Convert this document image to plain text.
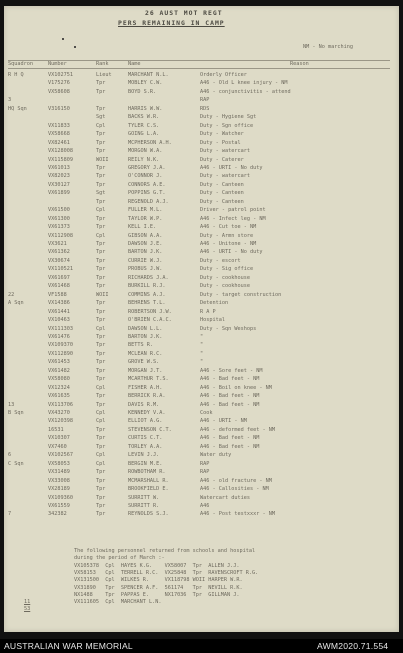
26 AUST MOT REGT
PERS REMAINING IN CAMP
NM - No marching
Squadron	Number	Rank	Name	Reason
R H Q	VX102751	Lieut	MARCHANT N.L.	Orderly Officer
V175276	Tpr	MOBLEY C.W.	A46 - Old L knee injury - NM
VX58608	Tpr	BOYD S.R.	A46 - conjunctivitis - attend
3	RAP
HQ Sqn	V316150	Tpr	HARRIS W.W.	RDS
Sgt	BACKS W.R.	Duty - Hygiene Sgt
VX11833	Cpl	TYLER C.S.	Duty - Sgn office
VX58668	Tpr	GOING L.A.	Duty - Watcher
VX82461	Tpr	MCPHERSON A.H.	Duty - Postal
VX128008	Tpr	MORGON W.A.	Duty - watercart
VX115809	WOII	REILY N.K.	Duty - Caterer
VX61013	Tpr	GREGORY J.A.	A46 - URTI - No duty
VX82023	Tpr	O'CONNOR J.	Duty - watercart
VX30127	Tpr	CONNORS A.E.	Duty - Canteen
VX61899	Sgt	POPPINS G.T.	Duty - Canteen
Tpr	REGENOLD A.J.	Duty - Canteen
VX61500	Cpl	FULLER M.L.	Driver - patrol point
VX61300	Tpr	TAYLOR W.P.	A46 - Infect leg - NM
VX61373	Tpr	KELL I.E.	A46 - Cut toe - NM
VX112908	Cpl	GIBSON A.A.	Duty - Armn store
VX3621	Tpr	DAWSON J.E.	A46 - Unitone - NM
VX61362	Tpr	BARTON J.K.	A46 - URTI - No duty
VX30674	Tpr	CURRIE W.J.	Duty - escort
VX110521	Tpr	PROBUS J.W.	Duty - Sig office
VX61697	Tpr	RICHARDS J.A.	Duty - cookhouse
VX61468	Tpr	BURKILL R.J.	Duty - cookhouse
22	VF1588	WOII	COMMINS A.J.	Duty - target construction
A Sqn	VX14386	Tpr	BEHRENS T.L.	Detention
VX61441	Tpr	ROBERTSON J.W.	R A P
VX10463	Tpr	O'BRIEN C.A.C.	Hospital
VX111303	Cpl	DAWSON L.L.	Duty - Sqn Weshops
VX61476	Tpr	BARTON J.K.	"
VX109370	Tpr	BETTS R.	"
VX112890	Tpr	MCLEAN R.C.	"
VX61453	Tpr	GROVE W.S.	"
VX61482	Tpr	MORGAN J.T.	A46 - Sore feet - NM
VX58080	Tpr	MCARTHUR T.S.	A46 - Bad feet - NM
VX12324	Cpl	FISHER A.H.	A46 - Boil on knee - NM
VX61635	Tpr	BERRICK R.A.	A46 - Bad feet - NM
13	VX113706	Tpr	DAVIS R.M.	A46 - Bad feet - NM
B Sqn	VX43270	Cpl	KENNEDY V.A.	Cook
VX120398	Cpl	ELLIOT A.G.	A46 - URTI - NM
16531	Tpr	STEVENSON C.T.	A46 - deformed feet - NM
VX10307	Tpr	CURTIS C.T.	A46 - Bad feet - NM
VX7460	Tpr	TORLEY A.A.	A46 - Bad feet - NM
6	VX102567	Cpl	LEVIN J.J.	Water duty
C Sqn	VX58053	Cpl	BERGIN M.E.	RAP
VX31489	Tpr	ROWBOTHAM R.	RAP
VX33008	Tpr	MCMARSHALL R.	A46 - old fracture - NM
VX28189	Tpr	BROOKFIELD E.	A46 - Callosities - NM
VX109360	Tpr	SURRITT W.	Watercart duties
VX61559	Tpr	SURRITT R.	A46
7	342382	Tpr	REYNOLDS S.J.	A46 - Post testxxxr - NM
The following personnel returned from schools and hospital
during the period of March :-
VX105378  Cpl  HAYES K.G.    VX58007  Tpr  ALLEN J.J.
VX58153   Cpl  TERRELL R.C.  VX25848  Tpr  RAVENSCROFT R.G.
VX131500  Cpl  WILKES R.     VX118798 WOII HARPER W.R.
VX31890   Tpr  SPENCER A.F.  561174   Tpr  NEVILL R.K.
NX1488    Tpr  PAPPAS E.     NX17036  Tpr  GILLMAN J.
VX111605  Cpl  MARCHANT L.N.
11
53
AUSTRALIAN WAR MEMORIAL	AWM2020.71.554
